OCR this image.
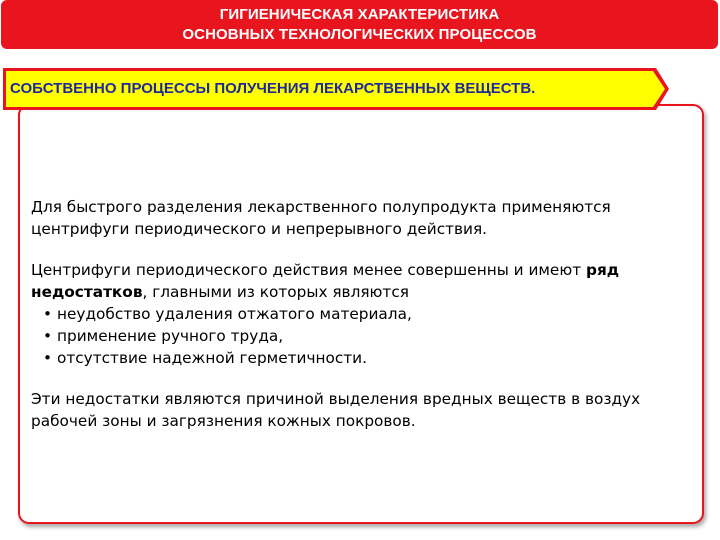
ГИГИЕНИЧЕСКАЯ ХАРАКТЕРИСТИКА
ОСНОВНЫХ ТЕХНОЛОГИЧЕСКИХ ПРОЦЕССОВ
СОБСТВЕННО ПРОЦЕССЫ ПОЛУЧЕНИЯ ЛЕКАРСТВЕННЫХ ВЕЩЕСТВ.

Для быстрого разделения лекарственного полупродукта применяются центрифуги периодического и непрерывного действия.

Центрифуги периодического действия менее совершенны и имеют ряд недостатков, главными из которых являются

• неудобство удаления отжатого материала,
• применение ручного труда,
• отсутствие надежной герметичности.

Эти недостатки являются причиной выделения вредных веществ в воздух рабочей зоны и загрязнения кожных покровов.
